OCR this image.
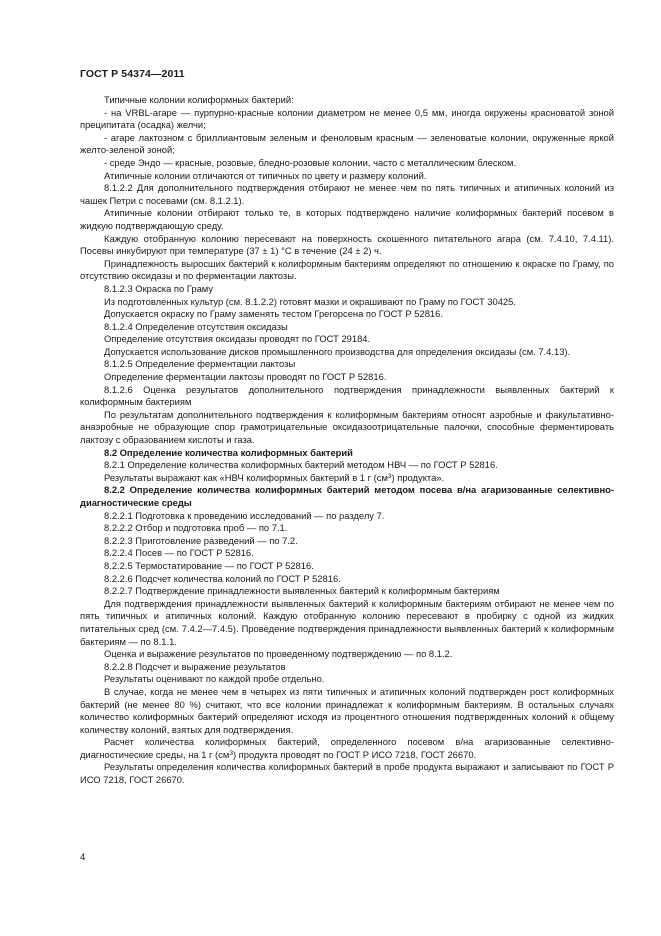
ГОСТ Р 54374—2011

Типичные колонии колиформных бактерий:

- на VRBL-агаре — пурпурно-красные колонии диаметром не менее 0,5 мм, иногда окружены красноватой зоной преципитата (осадка) желчи;

- агаре лактозном с бриллиантовым зеленым и феноловым красным — зеленоватые колонии, окруженные яркой желто-зеленой зоной;

- среде Эндо — красные, розовые, бледно-розовые колонии, часто с металлическим блеском.

Атипичные колонии отличаются от типичных по цвету и размеру колоний.

8.1.2.2 Для дополнительного подтверждения отбирают не менее чем по пять типичных и атипичных колоний из чашек Петри с посевами (см. 8.1.2.1).

Атипичные колонии отбирают только те, в которых подтверждено наличие колиформных бактерий посевом в жидкую подтверждающую среду.

Каждую отобранную колонию пересевают на поверхность скошенного питательного агара (см. 7.4.10, 7.4.11). Посевы инкубируют при температуре (37 ± 1) °С в течение (24 ± 2) ч.

Принадлежность выросших бактерий к колиформным бактериям определяют по отношению к окраске по Граму, по отсутствию оксидазы и по ферментации лактозы.

8.1.2.3 Окраска по Граму

Из подготовленных культур (см. 8.1.2.2) готовят мазки и окрашивают по Граму по ГОСТ 30425.

Допускается окраску по Граму заменять тестом Грегорсена по ГОСТ Р 52816.

8.1.2.4 Определение отсутствия оксидазы

Определение отсутствия оксидазы проводят по ГОСТ 29184.

Допускается использование дисков промышленного производства для определения оксидазы (см. 7.4.13).

8.1.2.5 Определение ферментации лактозы

Определение ферментации лактозы проводят по ГОСТ Р 52816.

8.1.2.6 Оценка результатов дополнительного подтверждения принадлежности выявленных бактерий к колиформным бактериям

По результатам дополнительного подтверждения к колиформным бактериям относят аэробные и факультативно-анаэробные не образующие спор грамотрицательные оксидазоотрицательные палочки, способные ферментировать лактозу с образованием кислоты и газа.

8.2 Определение количества колиформных бактерий

8.2.1 Определение количества колиформных бактерий методом НВЧ — по ГОСТ Р 52816.

Результаты выражают как «НВЧ колиформных бактерий в 1 г $(см^3)$ продукта».

8.2.2 Определение количества колиформных бактерий методом посева в/на агаризованные селективно-диагностические среды

8.2.2.1 Подготовка к проведению исследований — по разделу 7.

8.2.2.2 Отбор и подготовка проб — по 7.1.

8.2.2.3 Приготовление разведений — по 7.2.

8.2.2.4 Посев — по ГОСТ Р 52816.

8.2.2.5 Термостатирование — по ГОСТ Р 52816.

8.2.2.6 Подсчет количества колоний по ГОСТ Р 52816.

8.2.2.7 Подтверждение принадлежности выявленных бактерий к колиформным бактериям

Для подтверждения принадлежности выявленных бактерий к колиформным бактериям отбирают не менее чем по пять типичных и атипичных колоний. Каждую отобранную колонию пересевают в пробирку с одной из жидких питательных сред (см. 7.4.2—7.4.5). Проведение подтверждения принадлежности выявленных бактерий к колиформным бактериям — по 8.1.1.

Оценка и выражение результатов по проведенному подтверждению — по 8.1.2.

8.2.2.8 Подсчет и выражение результатов

Результаты оценивают по каждой пробе отдельно.

В случае, когда не менее чем в четырех из пяти типичных и атипичных колоний подтвержден рост колиформных бактерий (не менее 80 %) считают, что все колонии принадлежат к колиформным бактериям. В остальных случаях количество колиформных бактерий определяют исходя из процентного отношения подтвержденных колоний к общему количеству колоний, взятых для подтверждения.

Расчет количества колиформных бактерий, определенного посевом в/на агаризованные селективно-диагностические среды, на 1 г $(см^3)$ продукта проводят по ГОСТ Р ИСО 7218, ГОСТ 26670.

Результаты определения количества колиформных бактерий в пробе продукта выражают и записывают по ГОСТ Р ИСО 7218, ГОСТ 26670.

4
